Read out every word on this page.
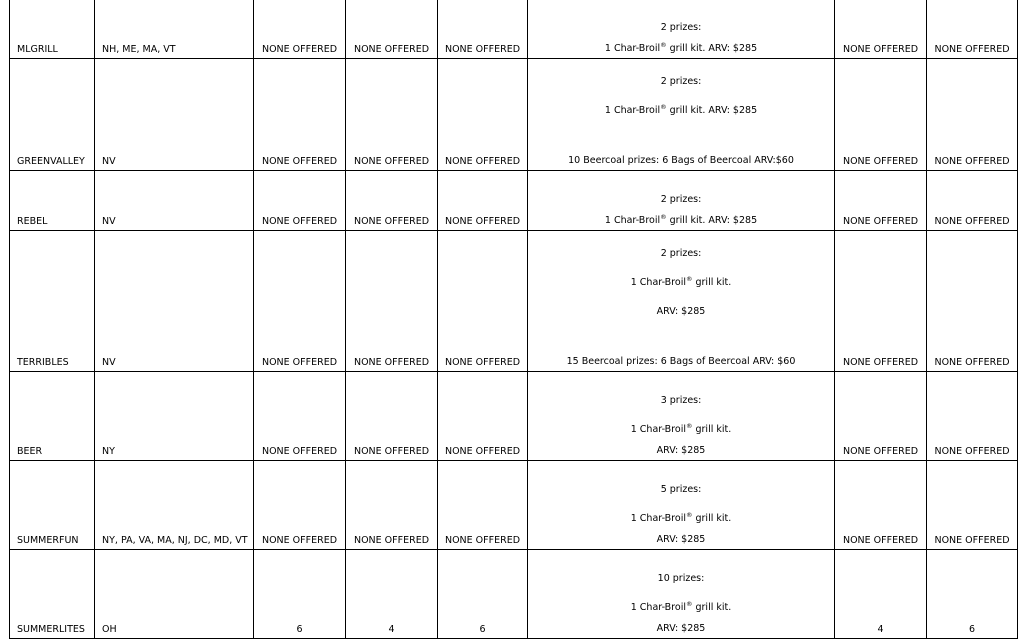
MLGRILL	NH, ME, MA, VT	NONE OFFERED	NONE OFFERED	NONE OFFERED	2 prizes:
1 Char-Broil® grill kit. ARV: $285	NONE OFFERED	NONE OFFERED
GREENVALLEY	NV	NONE OFFERED	NONE OFFERED	NONE OFFERED	2 prizes:
1 Char-Broil® grill kit. ARV: $285

10 Beercoal prizes: 6 Bags of Beercoal ARV:$60	NONE OFFERED	NONE OFFERED
REBEL	NV	NONE OFFERED	NONE OFFERED	NONE OFFERED	2 prizes:
1 Char-Broil® grill kit. ARV: $285	NONE OFFERED	NONE OFFERED
TERRIBLES	NV	NONE OFFERED	NONE OFFERED	NONE OFFERED	2 prizes:
1 Char-Broil® grill kit.
ARV: $285

15 Beercoal prizes: 6 Bags of Beercoal ARV: $60	NONE OFFERED	NONE OFFERED
BEER	NY	NONE OFFERED	NONE OFFERED	NONE OFFERED	3 prizes:
1 Char-Broil® grill kit.
ARV: $285	NONE OFFERED	NONE OFFERED
SUMMERFUN	NY, PA, VA, MA, NJ, DC, MD, VT	NONE OFFERED	NONE OFFERED	NONE OFFERED	5 prizes:
1 Char-Broil® grill kit.
ARV: $285	NONE OFFERED	NONE OFFERED
SUMMERLITES	OH	6	4	6	10 prizes:
1 Char-Broil® grill kit.
ARV: $285	4	6
